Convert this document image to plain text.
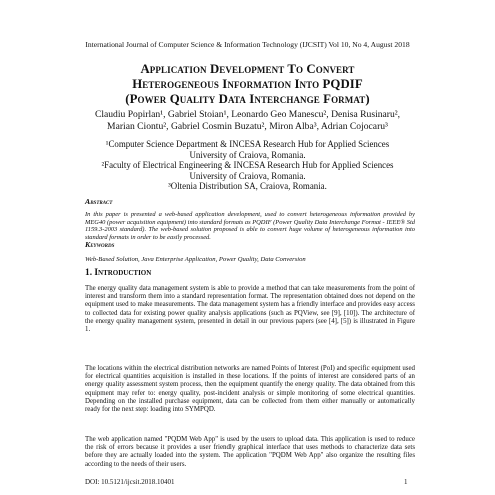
International Journal of Computer Science & Information Technology (IJCSIT) Vol 10, No 4, August 2018
Application Development To Convert
Heterogeneous Information Into PQDIF
(Power Quality Data Interchange Format)
Claudiu Popirlan¹, Gabriel Stoian¹, Leonardo Geo Manescu², Denisa Rusinaru²,
Marian Ciontu², Gabriel Cosmin Buzatu², Miron Alba³, Adrian Cojocaru³
¹Computer Science Department & INCESA Research Hub for Applied Sciences
University of Craiova, Romania.
²Faculty of Electrical Engineering & INCESA Research Hub for Applied Sciences
University of Craiova, Romania.
³Oltenia Distribution SA, Craiova, Romania.
Abstract
In this paper is presented a web-based application development, used to convert heterogeneous information provided by MEG40 (power acquisition equipment) into standard formats as PQDIF (Power Quality Data Interchange Format - IEEE® Std 1159.3-2003 standard). The web-based solution proposed is able to convert huge volume of heterogeneous information into standard formats in order to be easily processed.
Keywords
Web-Based Solution, Java Enterprise Application, Power Quality, Data Conversion
1. Introduction
The energy quality data management system is able to provide a method that can take measurements from the point of interest and transform them into a standard representation format. The representation obtained does not depend on the equipment used to make measurements. The data management system has a friendly interface and provides easy access to collected data for existing power quality analysis applications (such as PQView, see [9], [10]). The architecture of the energy quality management system, presented in detail in our previous papers (see [4], [5]) is illustrated in Figure 1.
The locations within the electrical distribution networks are named Points of Interest (PoI) and specific equipment used for electrical quantities acquisition is installed in these locations. If the points of interest are considered parts of an energy quality assessment system process, then the equipment quantify the energy quality. The data obtained from this equipment may refer to: energy quality, post-incident analysis or simple monitoring of some electrical quantities. Depending on the installed purchase equipment, data can be collected from them either manually or automatically ready for the next step: loading into SYMPQD.
The web application named "PQDM Web App" is used by the users to upload data. This application is used to reduce the risk of errors because it provides a user friendly graphical interface that uses methods to characterize data sets before they are actually loaded into the system. The application "PQDM Web App" also organize the resulting files according to the needs of their users.
DOI: 10.5121/ijcsit.2018.10401	1
